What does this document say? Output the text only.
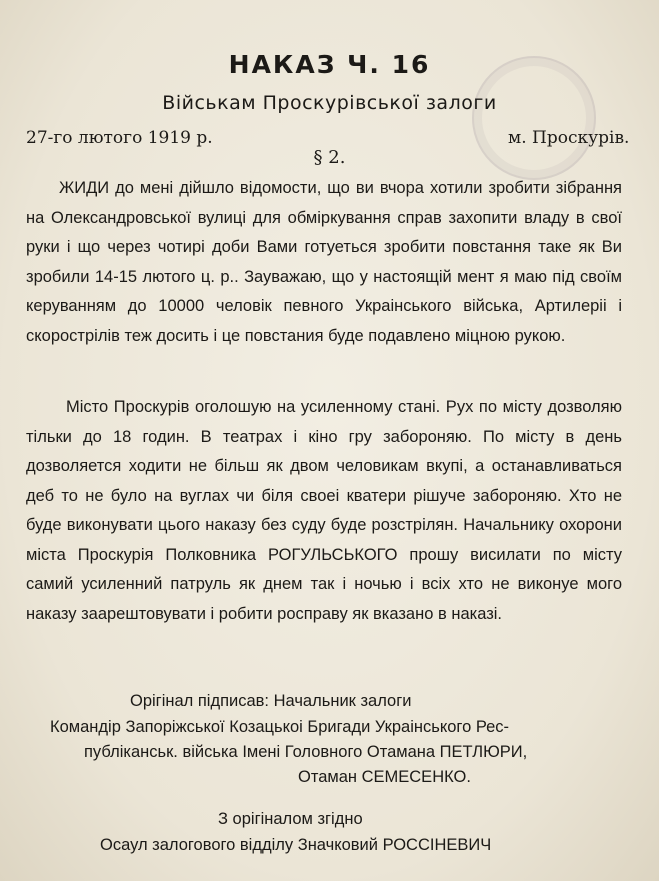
НАКАЗ Ч. 16
Військам Проскурівської залоги
27-го лютого 1919 р.	м. Проскурів.
§ 2.

ЖИДИ до мені дійшло відомости, що ви вчора хотили зробити зібрання на Олександровської вулиці для обміркування справ захопити владу в свої руки і що через чотирі доби Вами готуеться зробити повстання таке як Ви зробили 14-15 лютого ц. р.. Зауважаю, що у настоящій мент я маю під своїм керуванням до 10000 человік певного Украінського війська, Артилеріі і скорострілів теж досить і це повстания буде подавлено міцною рукою.

Місто Проскурів оголошую на усиленному стані. Рух по місту дозволяю тільки до 18 годин. В театрах і кіно гру забороняю. По місту в день дозволяется ходити не більш як двом человикам вкупі, а останавливаться деб то не було на вуглах чи біля своеі кватери рішуче забороняю. Хто не буде виконувати цього наказу без суду буде розстрілян. Начальнику охорони міста Проскурія Полковника РОГУЛЬСЬКОГО прошу висилати по місту самий усиленний патруль як днем так і ночью і всіх хто не виконуе мого наказу заарештовувати і робити росправу як вказано в наказі.

Орігінал підписав: Начальник залоги
Командір Запоріжської Козацькоі Бригади Украінського Рес-
публіканськ. війська Імені Головного Отамана ПЕТЛЮРИ,
Отаман СЕМЕСЕНКО.
З орігіналом згідно
Осаул залогового відділу Значковий РОССІНЕВИЧ
